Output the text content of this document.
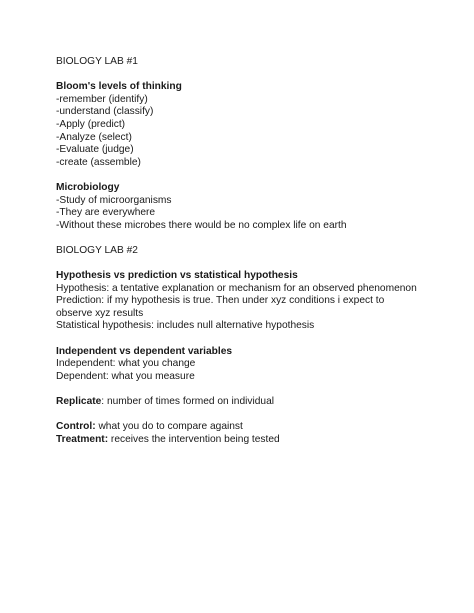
BIOLOGY LAB #1
Bloom's levels of thinking
-remember (identify)
-understand (classify)
-Apply (predict)
-Analyze (select)
-Evaluate (judge)
-create (assemble)
Microbiology
-Study of microorganisms
-They are everywhere
-Without these microbes there would be no complex life on earth
BIOLOGY LAB #2
Hypothesis vs prediction vs statistical hypothesis
Hypothesis: a tentative explanation or mechanism for an observed phenomenon
Prediction: if my hypothesis is true. Then under xyz conditions i expect to observe xyz results
Statistical hypothesis: includes null alternative hypothesis
Independent vs dependent variables
Independent: what you change
Dependent: what you measure
Replicate: number of times formed on individual
Control: what you do to compare against
Treatment: receives the intervention being tested
